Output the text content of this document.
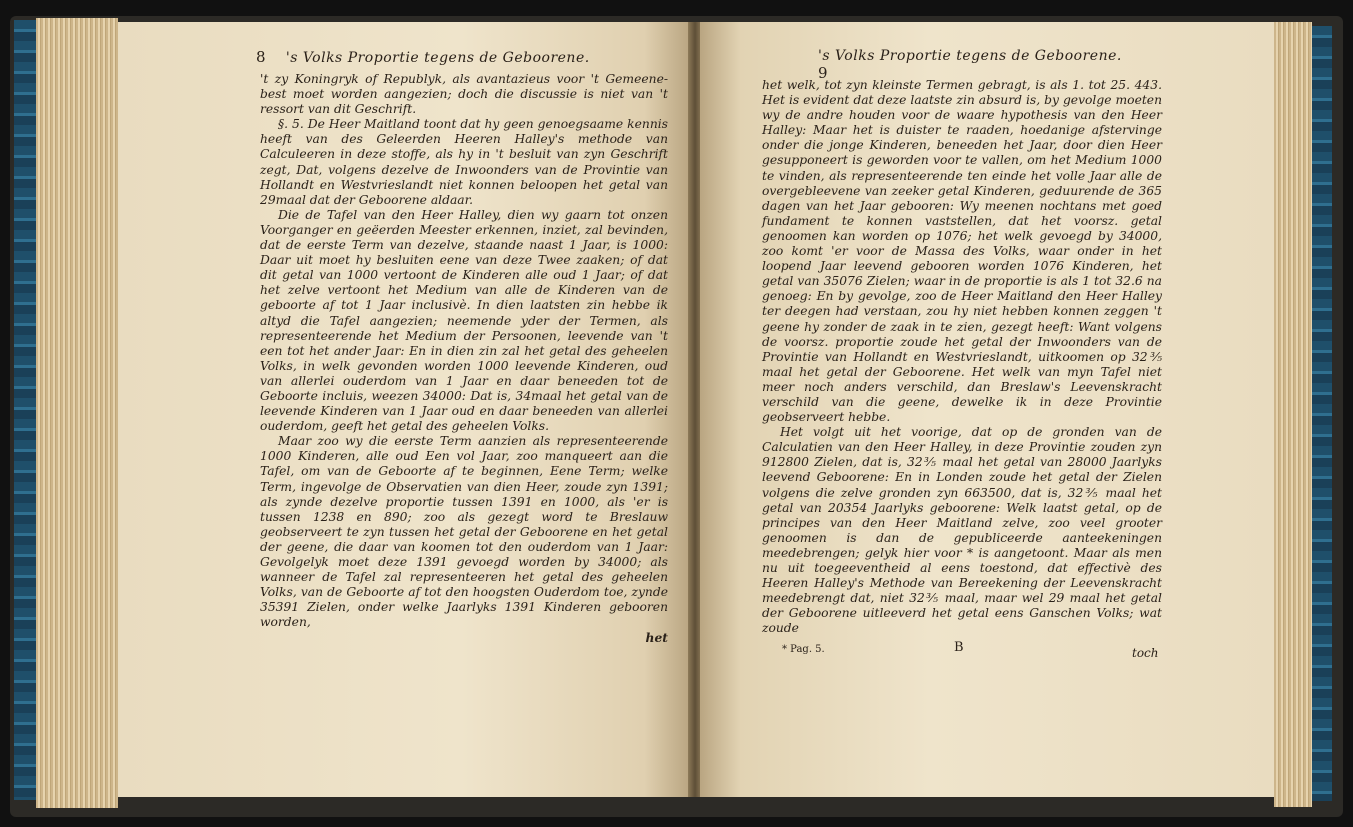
8 's Volks Proportie tegens de Geboorene.

't zy Koningryk of Republyk, als avantazieus voor 't Gemeene-best moet worden aangezien; doch die discussie is niet van 't ressort van dit Geschrift.

§. 5. De Heer Maitland toont dat hy geen genoegsaame kennis heeft van des Geleerden Heeren Halley's methode van Calculeeren in deze stoffe, als hy in 't besluit van zyn Geschrift zegt, Dat, volgens dezelve de Inwoonders van de Provintie van Hollandt en Westvrieslandt niet konnen beloopen het getal van 29maal dat der Geboorene aldaar.

Die de Tafel van den Heer Halley, dien wy gaarn tot onzen Voorganger en geëerden Meester erkennen, inziet, zal bevinden, dat de eerste Term van dezelve, staande naast 1 Jaar, is 1000: Daar uit moet hy besluiten eene van deze Twee zaaken; of dat dit getal van 1000 vertoont de Kinderen alle oud 1 Jaar; of dat het zelve vertoont het Medium van alle de Kinderen van de geboorte af tot 1 Jaar inclusivè. In dien laatsten zin hebbe ik altyd die Tafel aangezien; neemende yder der Termen, als representeerende het Medium der Persoonen, leevende van 't een tot het ander Jaar: En in dien zin zal het getal des geheelen Volks, in welk gevonden worden 1000 leevende Kinderen, oud van allerlei ouderdom van 1 Jaar en daar beneeden tot de Geboorte incluis, weezen 34000: Dat is, 34maal het getal van de leevende Kinderen van 1 Jaar oud en daar beneeden van allerlei ouderdom, geeft het getal des geheelen Volks.

Maar zoo wy die eerste Term aanzien als representeerende 1000 Kinderen, alle oud Een vol Jaar, zoo manqueert aan die Tafel, om van de Geboorte af te beginnen, Eene Term; welke Term, ingevolge de Observatien van dien Heer, zoude zyn 1391; als zynde dezelve proportie tussen 1391 en 1000, als 'er is tussen 1238 en 890; zoo als gezegt word te Breslauw geobserveert te zyn tussen het getal der Geboorene en het getal der geene, die daar van koomen tot den ouderdom van 1 Jaar: Gevolgelyk moet deze 1391 gevoegd worden by 34000; als wanneer de Tafel zal representeeren het getal des geheelen Volks, van de Geboorte af tot den hoogsten Ouderdom toe, zynde 35391 Zielen, onder welke Jaarlyks 1391 Kinderen gebooren worden,

het

's Volks Proportie tegens de Geboorene.    9

het welk, tot zyn kleinste Termen gebragt, is als 1. tot 25. 443. Het is evident dat deze laatste zin absurd is, by gevolge moeten wy de andre houden voor de waare hypothesis van den Heer Halley: Maar het is duister te raaden, hoedanige afstervinge onder die jonge Kinderen, beneeden het Jaar, door dien Heer gesupponeert is geworden voor te vallen, om het Medium 1000 te vinden, als representeerende ten einde het volle Jaar alle de overgebleevene van zeeker getal Kinderen, geduurende de 365 dagen van het Jaar gebooren: Wy meenen nochtans met goed fundament te konnen vaststellen, dat het voorsz. getal genoomen kan worden op 1076; het welk gevoegd by 34000, zoo komt 'er voor de Massa des Volks, waar onder in het loopend Jaar leevend gebooren worden 1076 Kinderen, het getal van 35076 Zielen; waar in de proportie is als 1 tot 32.6 na genoeg: En by gevolge, zoo de Heer Maitland den Heer Halley ter deegen had verstaan, zou hy niet hebben konnen zeggen 't geene hy zonder de zaak in te zien, gezegt heeft: Want volgens de voorsz. proportie zoude het getal der Inwoonders van de Provintie van Hollandt en Westvrieslandt, uitkoomen op 32⅗ maal het getal der Geboorene. Het welk van myn Tafel niet meer noch anders verschild, dan Breslaw's Leevenskracht verschild van die geene, dewelke ik in deze Provintie geobserveert hebbe.

Het volgt uit het voorige, dat op de gronden van de Calculatien van den Heer Halley, in deze Provintie zouden zyn 912800 Zielen, dat is, 32⅗ maal het getal van 28000 Jaarlyks leevend Geboorene: En in Londen zoude het getal der Zielen volgens die zelve gronden zyn 663500, dat is, 32⅗ maal het getal van 20354 Jaarlyks geboorene: Welk laatst getal, op de principes van den Heer Maitland zelve, zoo veel grooter genoomen is dan de gepubliceerde aanteekeningen meedebrengen; gelyk hier voor * is aangetoont. Maar als men nu uit toegeeventheid al eens toestond, dat effectivè des Heeren Halley's Methode van Bereekening der Leevenskracht meedebrengt dat, niet 32⅗ maal, maar wel 29 maal het getal der Geboorene uitleeverd het getal eens Ganschen Volks; wat zoude

* Pag. 5.	B	toch
